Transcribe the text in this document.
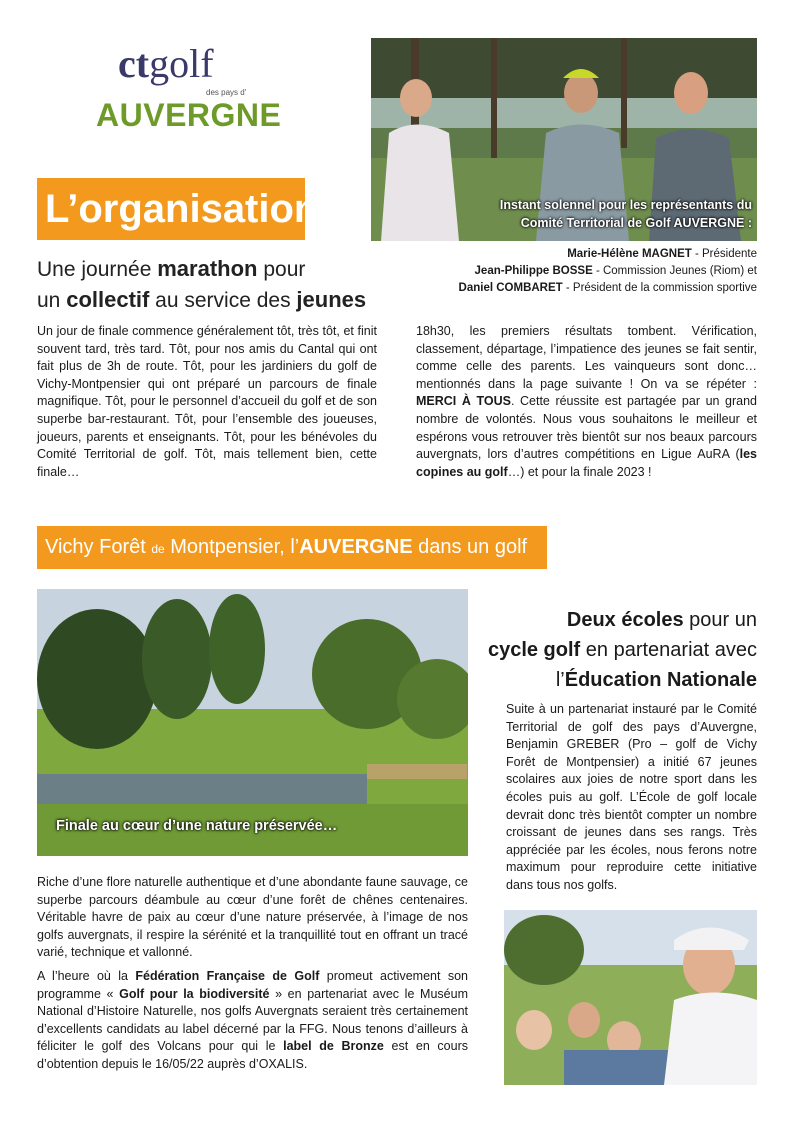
ctgolf
des pays d'
AUVERGNE
Instant solennel pour les représentants du
Comité Territorial de Golf AUVERGNE :
Marie-Hélène MAGNET - Présidente
Jean-Philippe BOSSE - Commission Jeunes (Riom) et
Daniel COMBARET - Président de la commission sportive
L’organisation
Une journée marathon pour
un collectif au service des jeunes
Un jour de finale commence généralement tôt, très tôt, et finit souvent tard, très tard. Tôt, pour nos amis du Cantal qui ont fait plus de 3h de route. Tôt, pour les jardiniers du golf de Vichy-Montpensier qui ont préparé un parcours de finale magnifique. Tôt, pour le personnel d’accueil du golf et de son superbe bar-restaurant. Tôt, pour l’ensemble des joueuses, joueurs, parents et enseignants. Tôt, pour les bénévoles du Comité Territorial de golf. Tôt, mais tellement bien, cette finale…
18h30, les premiers résultats tombent. Vérification, classement, départage, l’impatience des jeunes se fait sentir, comme celle des parents. Les vainqueurs sont donc… mentionnés dans la page suivante ! On va se répéter : MERCI À TOUS. Cette réussite est partagée par un grand nombre de volontés. Nous vous souhaitons le meilleur et espérons vous retrouver très bientôt sur nos beaux parcours auvergnats, lors d’autres compétitions en Ligue AuRA (les copines au golf…) et pour la finale 2023 !
Vichy Forêt de Montpensier, l’AUVERGNE dans un golf
Finale au cœur d’une nature préservée…
Riche d’une flore naturelle authentique et d’une abondante faune sauvage, ce superbe parcours déambule au cœur d’une forêt de chênes centenaires. Véritable havre de paix au cœur d’une nature préservée, à l’image de nos golfs auvergnats, il respire la sérénité et la tranquillité tout en offrant un tracé varié, technique et vallonné.
A l’heure où la Fédération Française de Golf promeut activement son programme « Golf pour la biodiversité » en partenariat avec le Muséum National d’Histoire Naturelle, nos golfs Auvergnats seraient très certainement d’excellents candidats au label décerné par la FFG. Nous tenons d’ailleurs à féliciter le golf des Volcans pour qui le label de Bronze est en cours d’obtention depuis le 16/05/22 auprès d’OXALIS.
Deux écoles pour un
cycle golf en partenariat avec
l’Éducation Nationale
Suite à un partenariat instauré par le Comité Territorial de golf des pays d’Auvergne, Benjamin GREBER (Pro – golf de Vichy Forêt de Montpensier) a initié 67 jeunes scolaires aux joies de notre sport dans les écoles puis au golf. L’École de golf locale devrait donc très bientôt compter un nombre croissant de jeunes dans ses rangs. Très appréciée par les écoles, nous ferons notre maximum pour reproduire cette initiative dans tous nos golfs.
